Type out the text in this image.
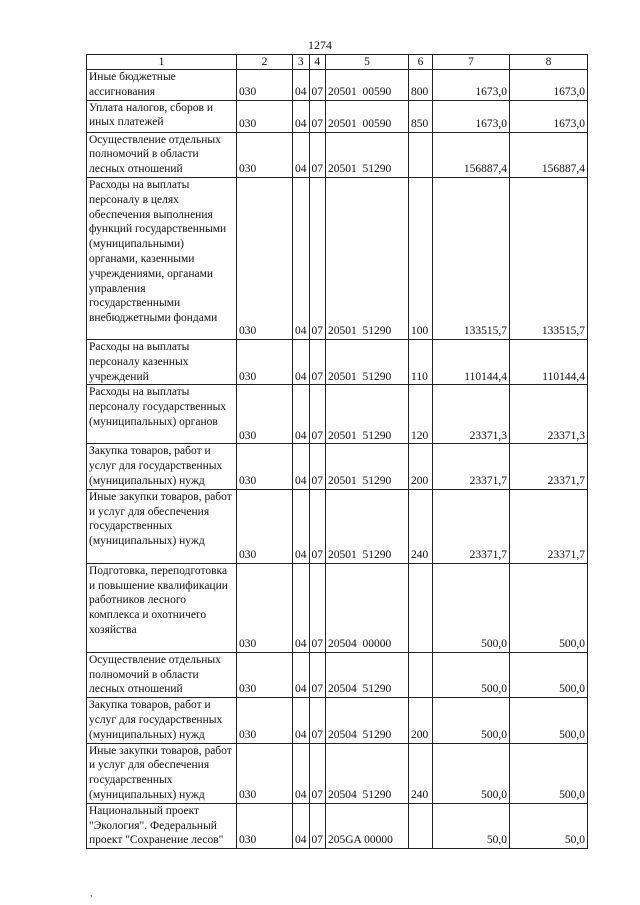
1274
1	2	3	4	5	6	7	8
Иные бюджетные ассигнования	030	04	07	20501  00590	800	1673,0	1673,0
Уплата налогов, сборов и иных платежей	030	04	07	20501  00590	850	1673,0	1673,0
Осуществление отдельных полномочий в области лесных отношений	030	04	07	20501  51290		156887,4	156887,4
Расходы на выплаты персоналу в целях обеспечения выполнения функций государственными (муниципальными) органами, казенными учреждениями, органами управления государственными внебюджетными фондами	030	04	07	20501  51290	100	133515,7	133515,7
Расходы на выплаты персоналу казенных учреждений	030	04	07	20501  51290	110	110144,4	110144,4
Расходы на выплаты персоналу государственных (муниципальных) органов	030	04	07	20501  51290	120	23371,3	23371,3
Закупка товаров, работ и услуг для государственных (муниципальных) нужд	030	04	07	20501  51290	200	23371,7	23371,7
Иные закупки товаров, работ и услуг для обеспечения государственных (муниципальных) нужд	030	04	07	20501  51290	240	23371,7	23371,7
Подготовка, переподготовка и повышение квалификации работников лесного комплекса и охотничего хозяйства	030	04	07	20504  00000		500,0	500,0
Осуществление отдельных полномочий в области лесных отношений	030	04	07	20504  51290		500,0	500,0
Закупка товаров, работ и услуг для государственных (муниципальных) нужд	030	04	07	20504  51290	200	500,0	500,0
Иные закупки товаров, работ и услуг для обеспечения государственных (муниципальных) нужд	030	04	07	20504  51290	240	500,0	500,0
Национальный проект "Экология". Федеральный проект "Сохранение лесов"	030	04	07	205GA 00000		50,0	50,0
,
